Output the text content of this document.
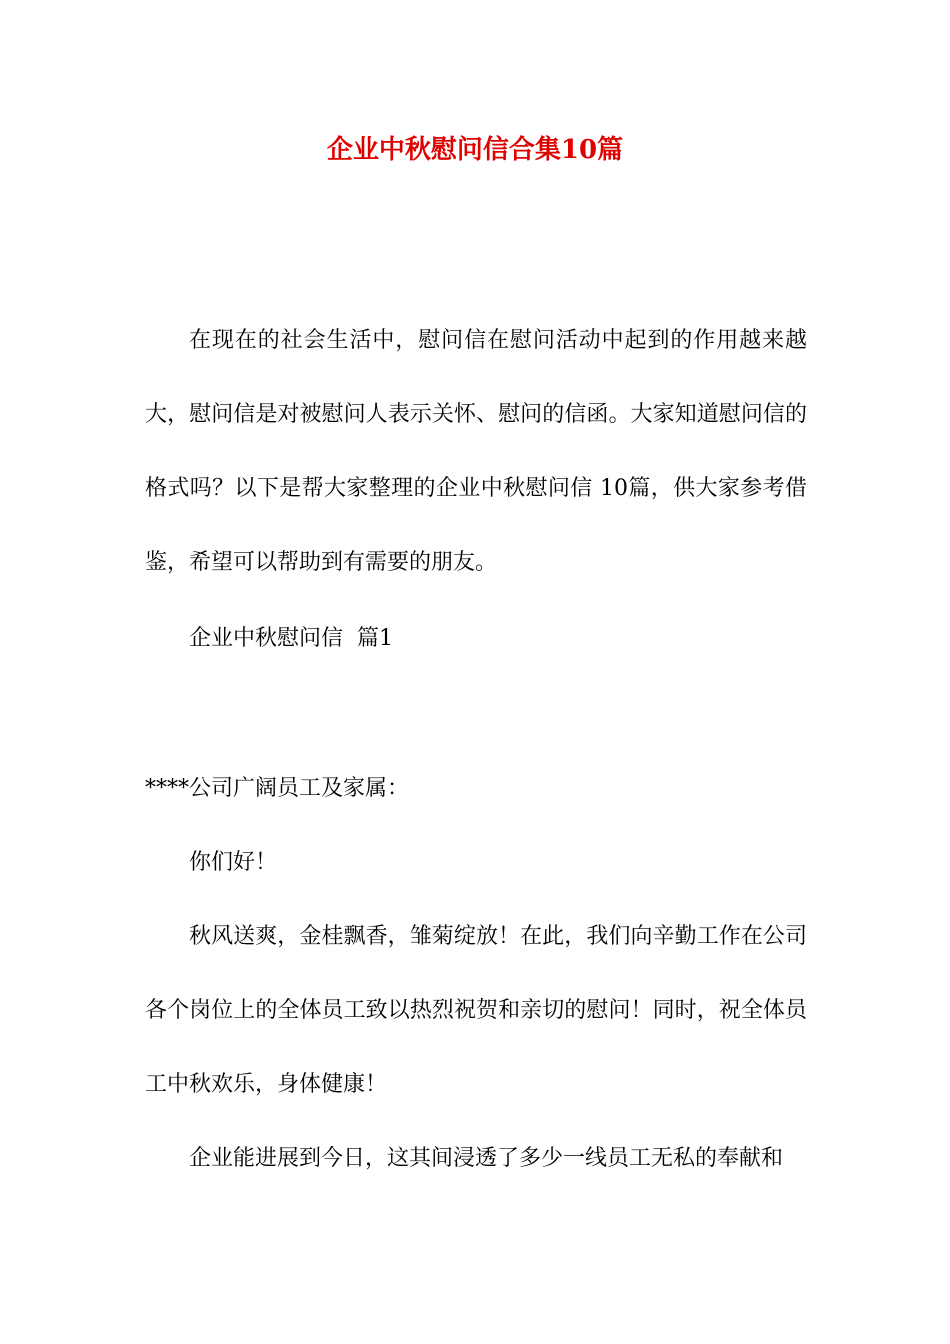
企业中秋慰问信合集10篇

在现在的社会生活中，慰问信在慰问活动中起到的作用越来越大，慰问信是对被慰问人表示关怀、慰问的信函。大家知道慰问信的格式吗？以下是帮大家整理的企业中秋慰问信 10篇，供大家参考借鉴，希望可以帮助到有需要的朋友。

企业中秋慰问信  篇1

****公司广阔员工及家属：

你们好！

秋风送爽，金桂飘香，雏菊绽放！在此，我们向辛勤工作在公司各个岗位上的全体员工致以热烈祝贺和亲切的慰问！同时，祝全体员工中秋欢乐，身体健康！

企业能进展到今日，这其间浸透了多少一线员工无私的奉献和
